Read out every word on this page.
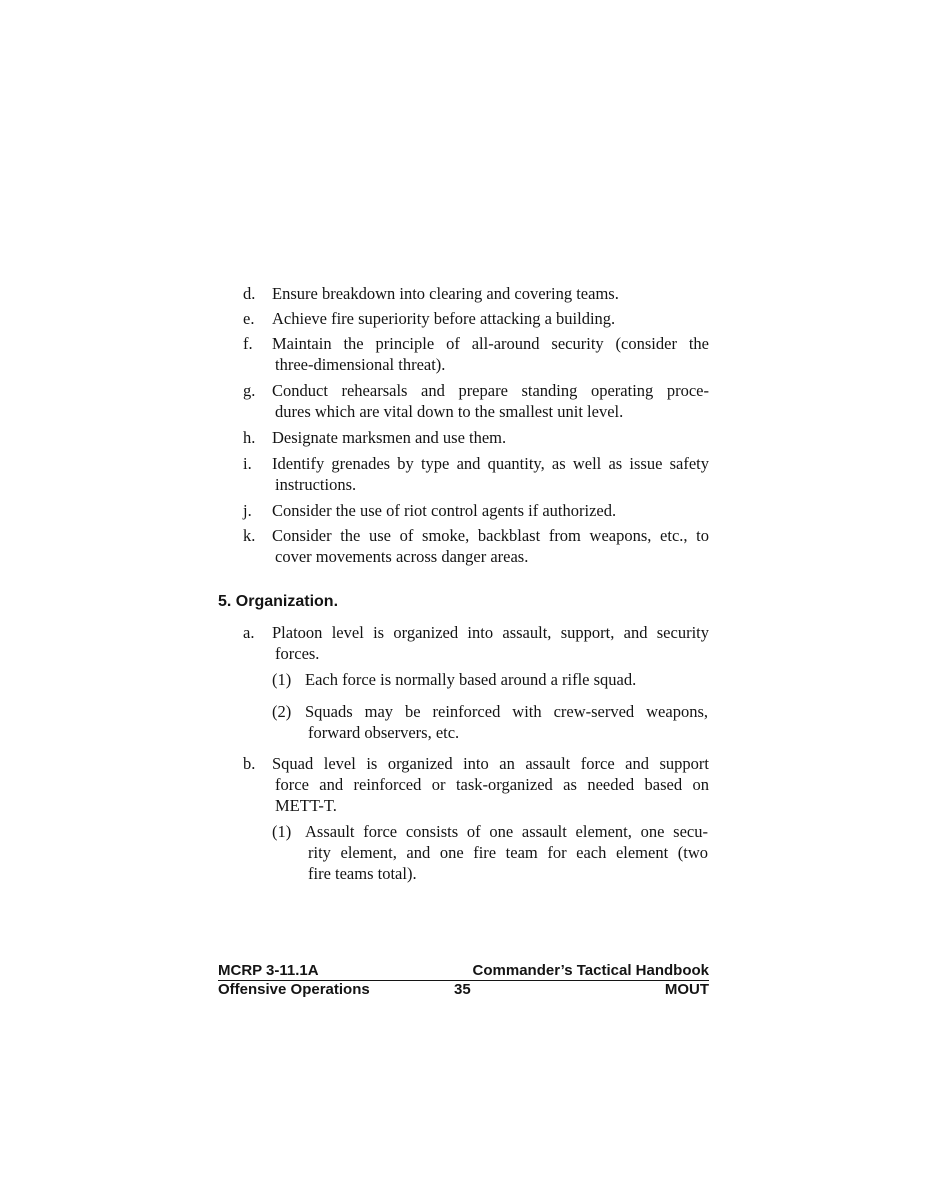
d. Ensure breakdown into clearing and covering teams.
e. Achieve fire superiority before attacking a building.
f. Maintain the principle of all-around security (consider the
three-dimensional threat).
g. Conduct rehearsals and prepare standing operating proce-
dures which are vital down to the smallest unit level.
h. Designate marksmen and use them.
i. Identify grenades by type and quantity, as well as issue safety
instructions.
j. Consider the use of riot control agents if authorized.
k. Consider the use of smoke, backblast from weapons, etc., to
cover movements across danger areas.
5. Organization.
a. Platoon level is organized into assault, support, and security
forces.
(1) Each force is normally based around a rifle squad.
(2) Squads may be reinforced with crew-served weapons,
forward observers, etc.
b. Squad level is organized into an assault force and support
force and reinforced or task-organized as needed based on
METT-T.
(1) Assault force consists of one assault element, one secu-
rity element, and one fire team for each element (two
fire teams total).
MCRP 3-11.1A	Commander’s Tactical Handbook
Offensive Operations	35	MOUT
